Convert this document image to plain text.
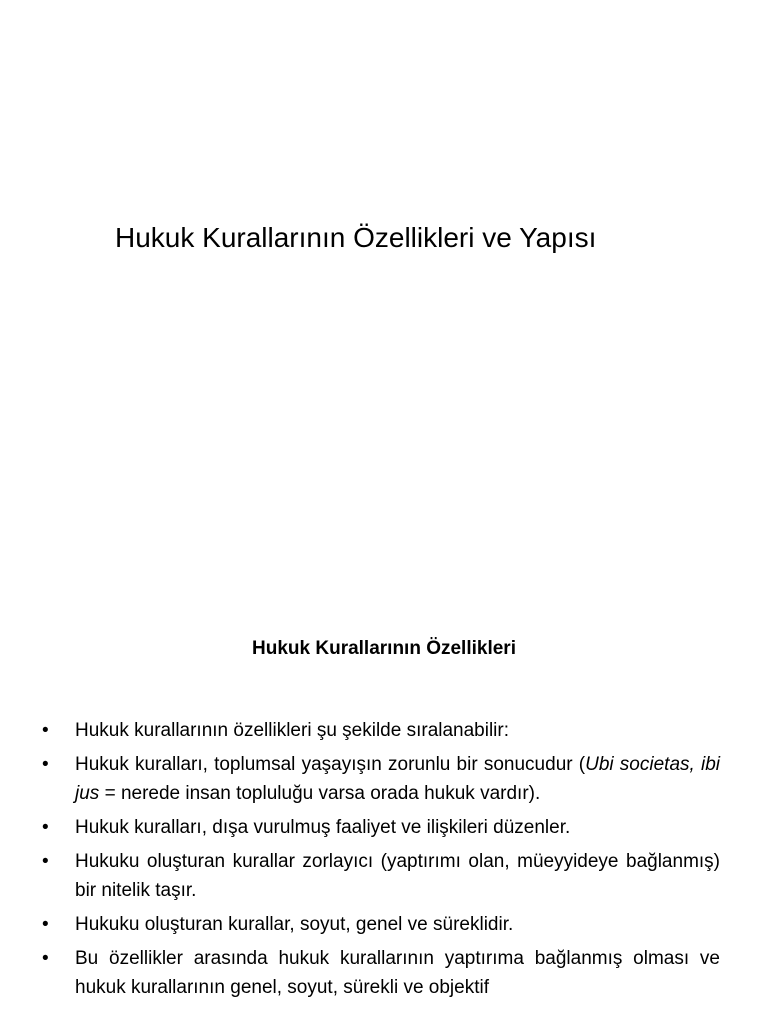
Hukuk Kurallarının Özellikleri ve Yapısı
Hukuk Kurallarının Özellikleri
• Hukuk kurallarının özellikleri şu şekilde sıralanabilir:
• Hukuk kuralları, toplumsal yaşayışın zorunlu bir sonucudur (Ubi societas, ibi jus = nerede insan topluluğu varsa orada hukuk vardır).
• Hukuk kuralları, dışa vurulmuş faaliyet ve ilişkileri düzenler.
• Hukuku oluşturan kurallar zorlayıcı (yaptırımı olan, müeyyideye bağlanmış) bir nitelik taşır.
• Hukuku oluşturan kurallar, soyut, genel ve süreklidir.
• Bu özellikler arasında hukuk kurallarının yaptırıma bağlanmış olması ve hukuk kurallarının genel, soyut, sürekli ve objektif
